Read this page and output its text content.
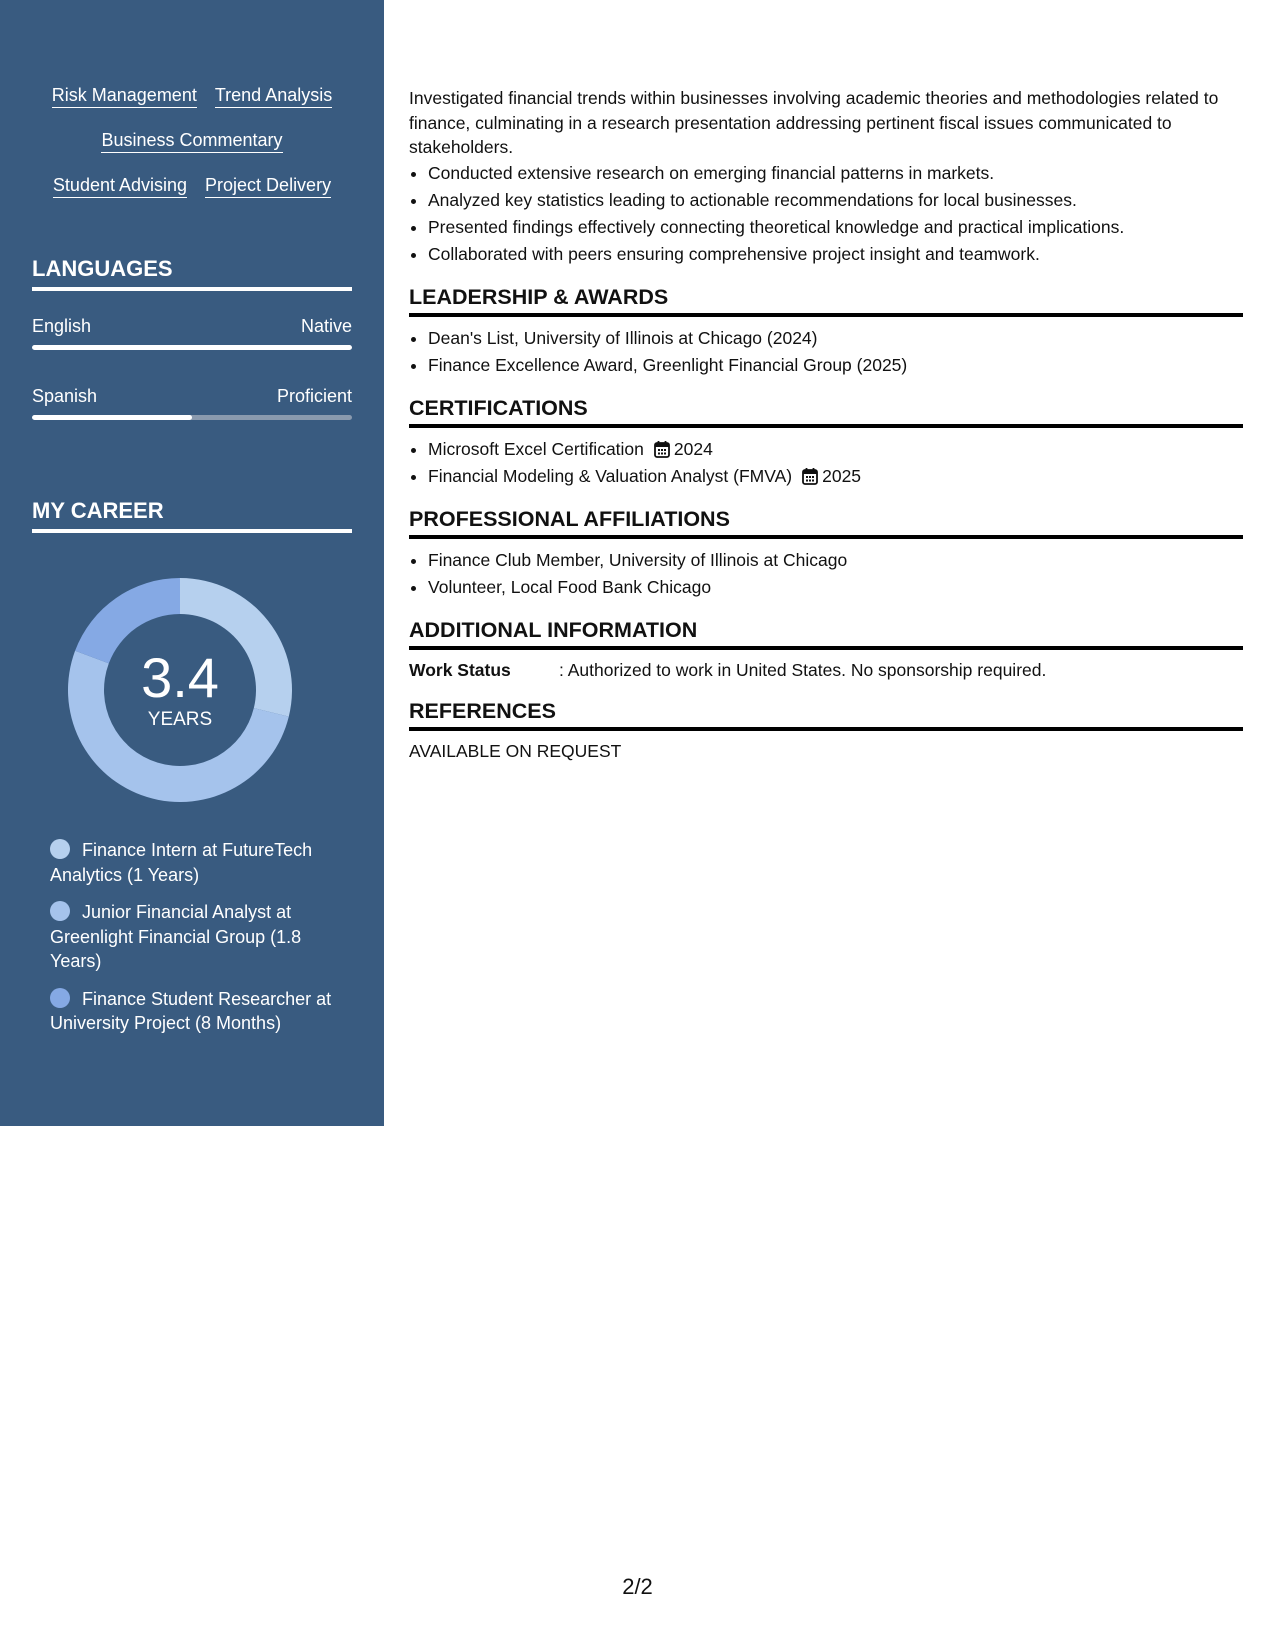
Risk Management Trend Analysis
Business Commentary
Student Advising Project Delivery
LANGUAGES
English	Native
Spanish	Proficient
MY CAREER
3.4
YEARS
Finance Intern at FutureTech Analytics (1 Years)
Junior Financial Analyst at Greenlight Financial Group (1.8 Years)
Finance Student Researcher at University Project (8 Months)

Investigated financial trends within businesses involving academic theories and methodologies related to finance, culminating in a research presentation addressing pertinent fiscal issues communicated to stakeholders.

• Conducted extensive research on emerging financial patterns in markets.
• Analyzed key statistics leading to actionable recommendations for local businesses.
• Presented findings effectively connecting theoretical knowledge and practical implications.
• Collaborated with peers ensuring comprehensive project insight and teamwork.
LEADERSHIP & AWARDS
• Dean's List, University of Illinois at Chicago (2024)
• Finance Excellence Award, Greenlight Financial Group (2025)
CERTIFICATIONS
• Microsoft Excel Certification 2024
• Financial Modeling & Valuation Analyst (FMVA) 2025
PROFESSIONAL AFFILIATIONS
• Finance Club Member, University of Illinois at Chicago
• Volunteer, Local Food Bank Chicago
ADDITIONAL INFORMATION
Work Status	: Authorized to work in United States. No sponsorship required.
REFERENCES

AVAILABLE ON REQUEST

2/2
